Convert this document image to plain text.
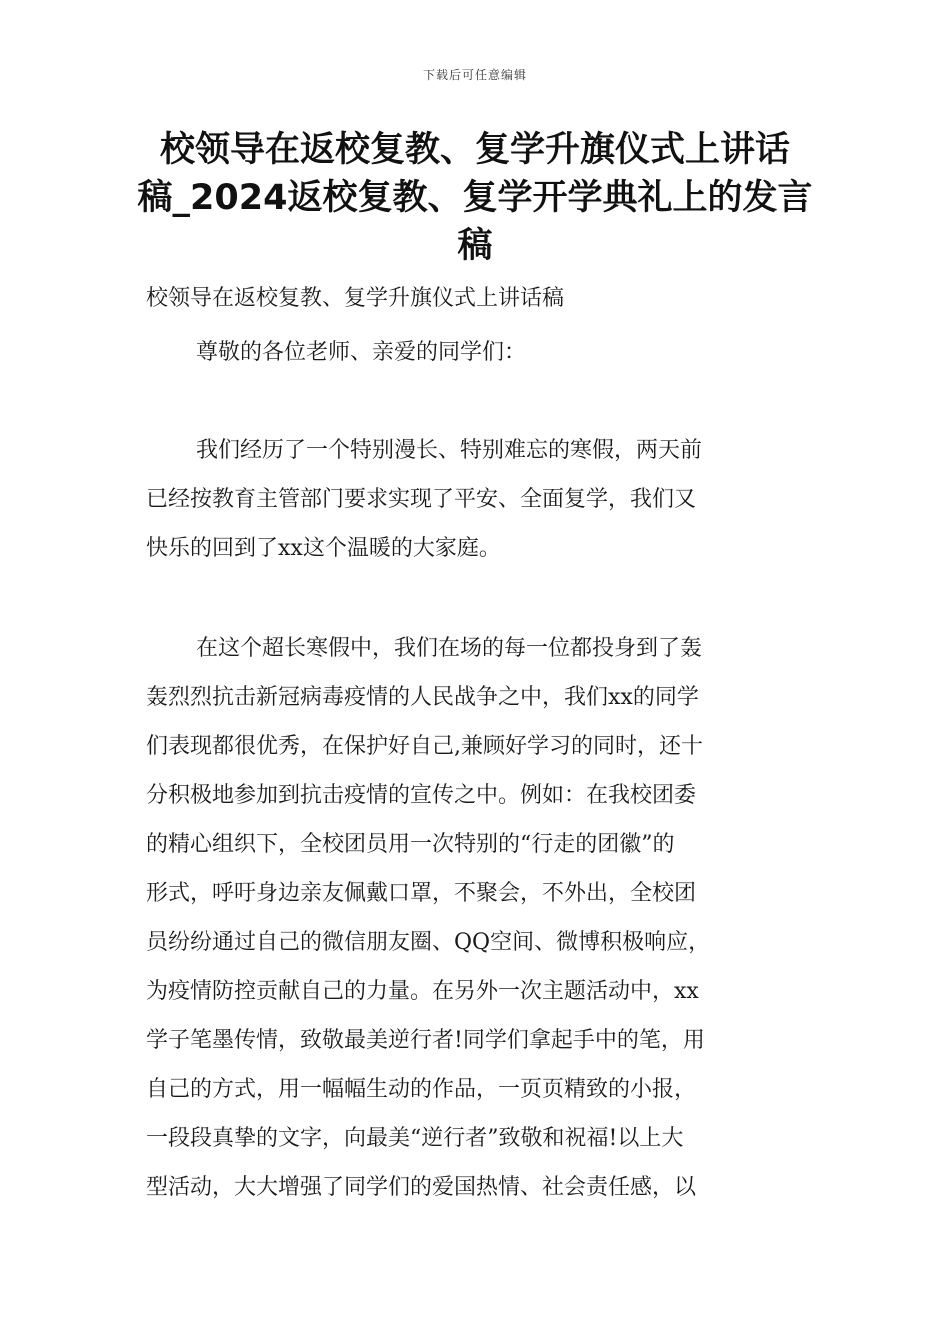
下载后可任意编辑
校领导在返校复教、复学升旗仪式上讲话
稿_2024返校复教、复学开学典礼上的发言
稿
校领导在返校复教、复学升旗仪式上讲话稿
尊敬的各位老师、亲爱的同学们：
我们经历了一个特别漫长、特别难忘的寒假，两天前
已经按教育主管部门要求实现了平安、全面复学，我们又
快乐的回到了xx这个温暖的大家庭。
在这个超长寒假中，我们在场的每一位都投身到了轰
轰烈烈抗击新冠病毒疫情的人民战争之中，我们xx的同学
们表现都很优秀，在保护好自己,兼顾好学习的同时，还十
分积极地参加到抗击疫情的宣传之中。例如：在我校团委
的精心组织下，全校团员用一次特别的“行走的团徽”的
形式，呼吁身边亲友佩戴口罩，不聚会，不外出，全校团
员纷纷通过自己的微信朋友圈、QQ空间、微博积极响应，
为疫情防控贡献自己的力量。在另外一次主题活动中，xx
学子笔墨传情，致敬最美逆行者!同学们拿起手中的笔，用
自己的方式，用一幅幅生动的作品，一页页精致的小报，
一段段真挚的文字，向最美“逆行者”致敬和祝福!以上大
型活动，大大增强了同学们的爱国热情、社会责任感，以
